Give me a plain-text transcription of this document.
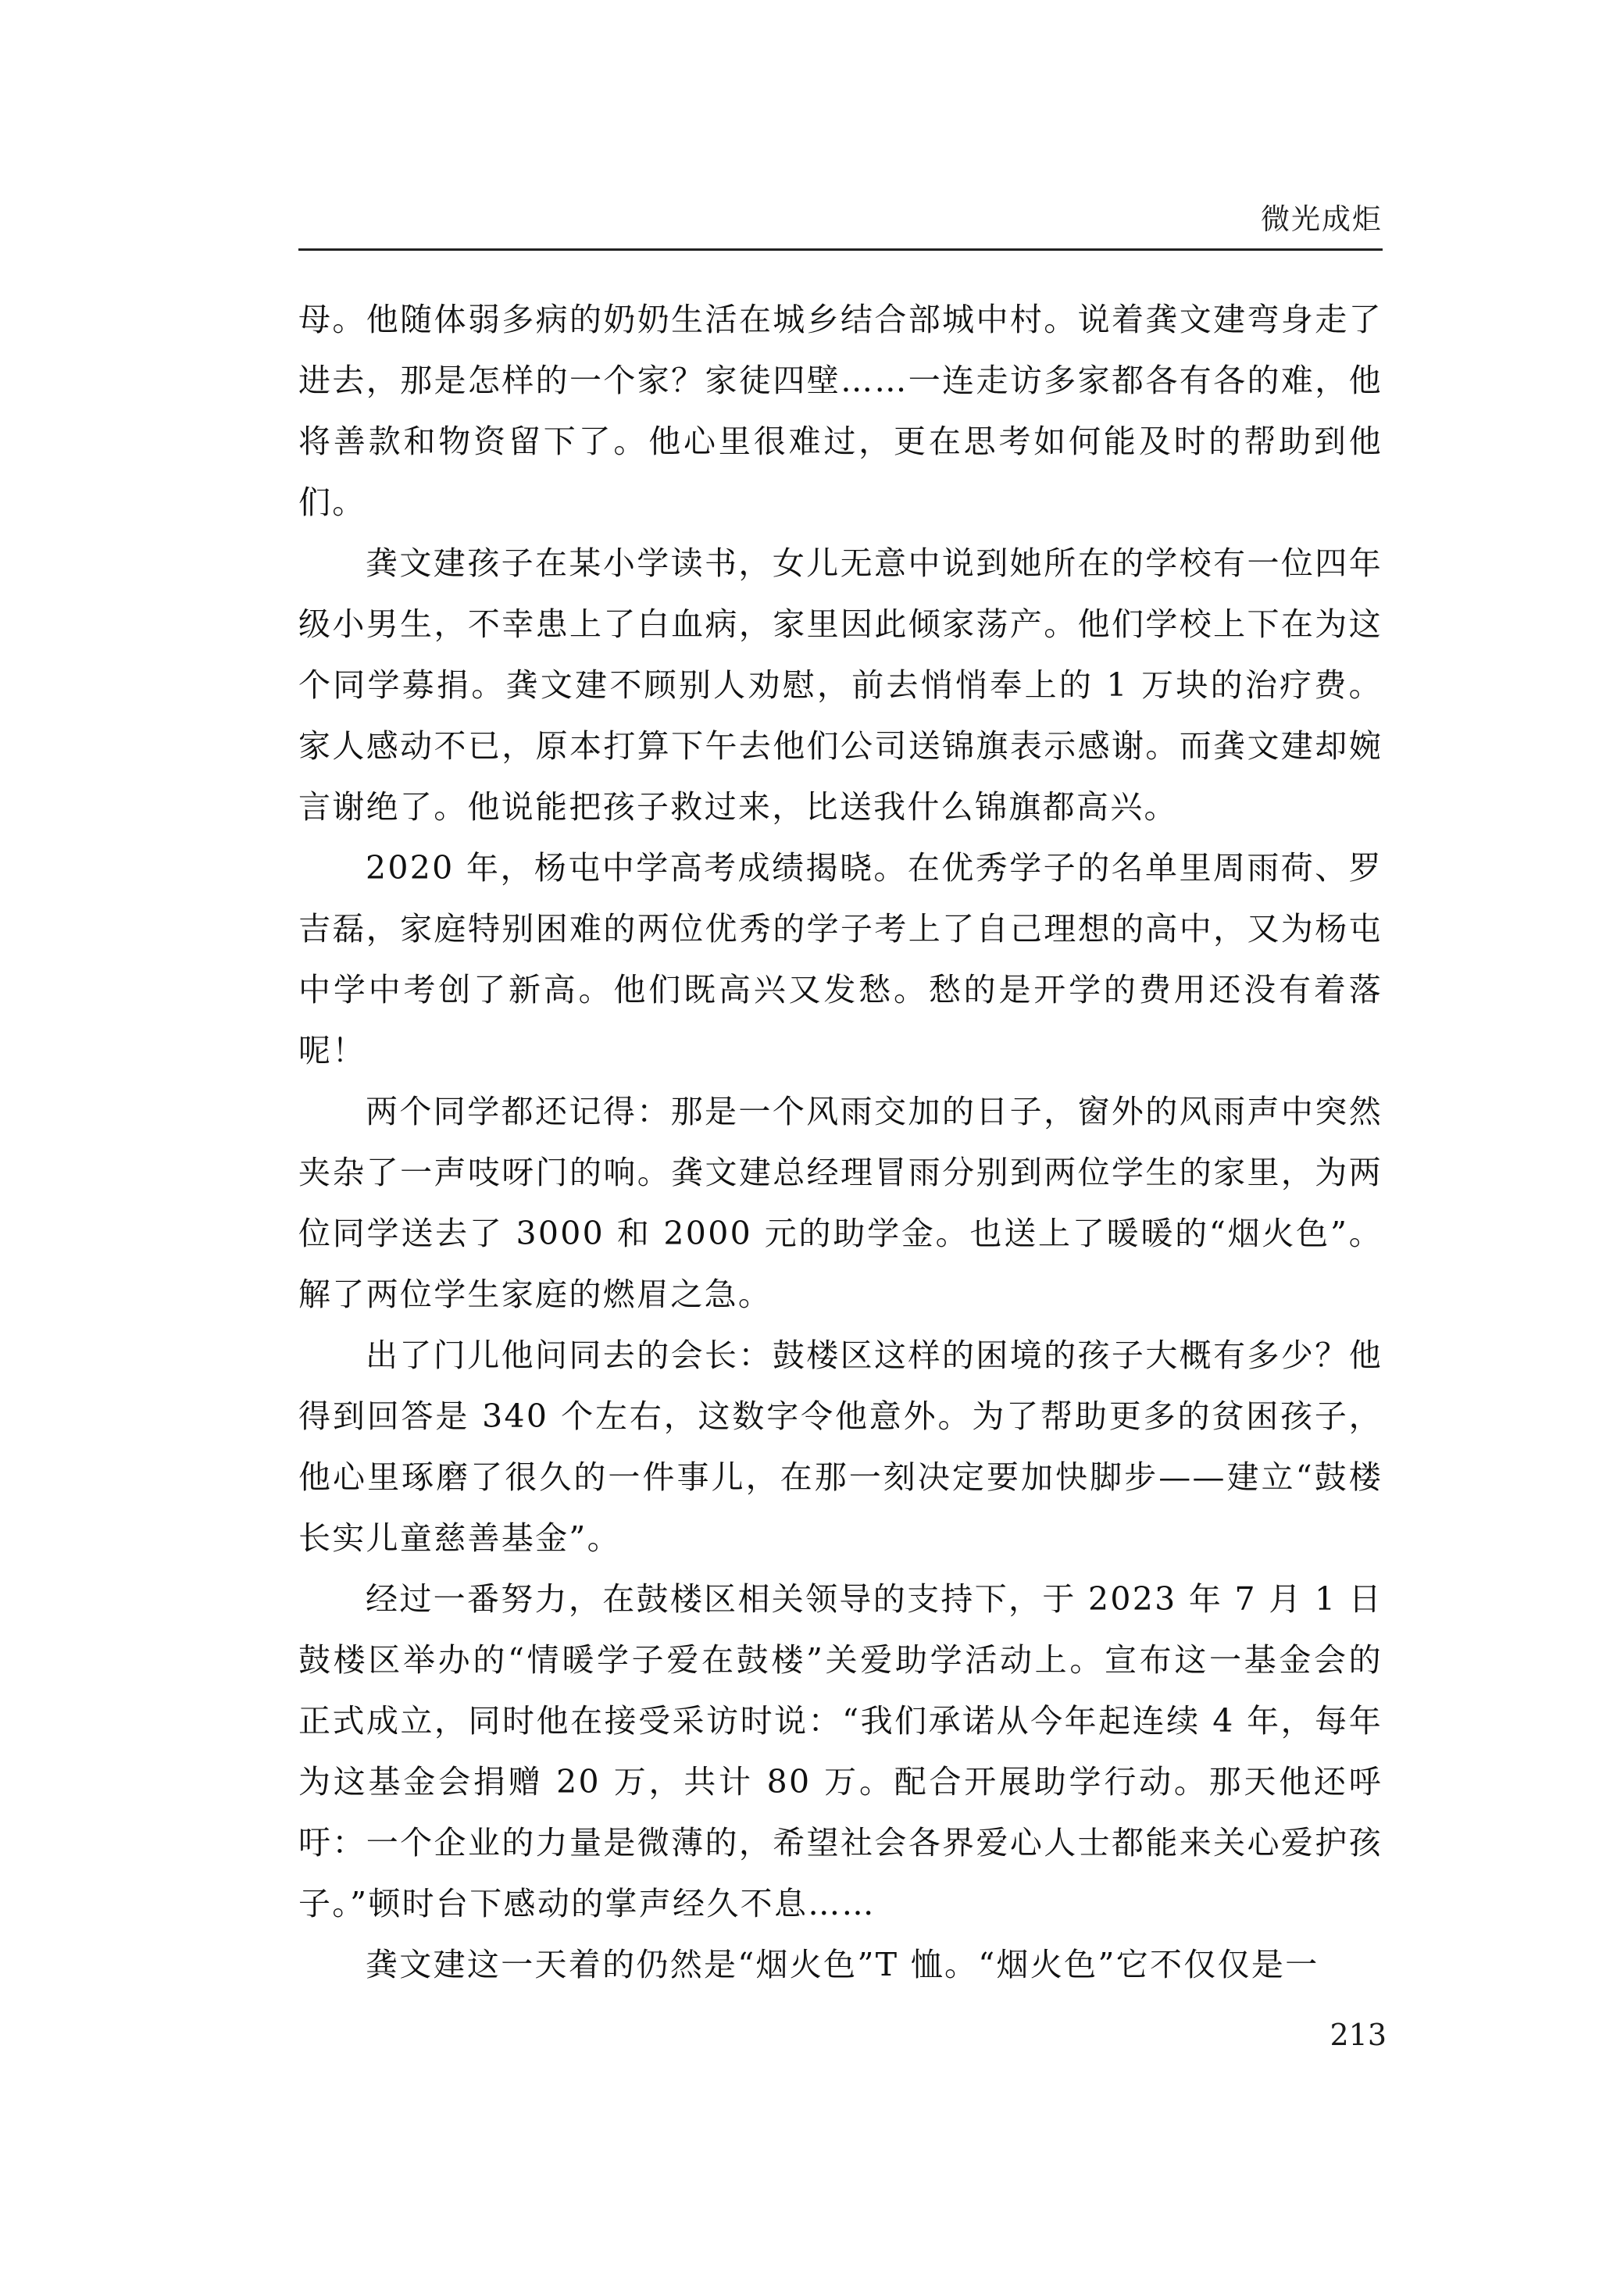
微光成炬

母。他随体弱多病的奶奶生活在城乡结合部城中村。说着龚文建弯身走了进去，那是怎样的一个家？家徒四壁……一连走访多家都各有各的难，他将善款和物资留下了。他心里很难过，更在思考如何能及时的帮助到他们。

龚文建孩子在某小学读书，女儿无意中说到她所在的学校有一位四年级小男生，不幸患上了白血病，家里因此倾家荡产。他们学校上下在为这个同学募捐。龚文建不顾别人劝慰，前去悄悄奉上的 1 万块的治疗费。家人感动不已，原本打算下午去他们公司送锦旗表示感谢。而龚文建却婉言谢绝了。他说能把孩子救过来，比送我什么锦旗都高兴。

2020 年，杨屯中学高考成绩揭晓。在优秀学子的名单里周雨荷、罗吉磊，家庭特别困难的两位优秀的学子考上了自己理想的高中，又为杨屯中学中考创了新高。他们既高兴又发愁。愁的是开学的费用还没有着落呢！

两个同学都还记得：那是一个风雨交加的日子，窗外的风雨声中突然夹杂了一声吱呀门的响。龚文建总经理冒雨分别到两位学生的家里，为两位同学送去了 3000 和 2000 元的助学金。也送上了暖暖的“烟火色”。解了两位学生家庭的燃眉之急。

出了门儿他问同去的会长：鼓楼区这样的困境的孩子大概有多少？他得到回答是 340 个左右，这数字令他意外。为了帮助更多的贫困孩子，他心里琢磨了很久的一件事儿，在那一刻决定要加快脚步——建立“鼓楼长实儿童慈善基金”。

经过一番努力，在鼓楼区相关领导的支持下，于 2023 年 7 月 1 日鼓楼区举办的“情暖学子爱在鼓楼”关爱助学活动上。宣布这一基金会的正式成立，同时他在接受采访时说：“我们承诺从今年起连续 4 年，每年为这基金会捐赠 20 万，共计 80 万。配合开展助学行动。那天他还呼吁：一个企业的力量是微薄的，希望社会各界爱心人士都能来关心爱护孩子。”顿时台下感动的掌声经久不息……

龚文建这一天着的仍然是“烟火色”T 恤。“烟火色”它不仅仅是一

213
